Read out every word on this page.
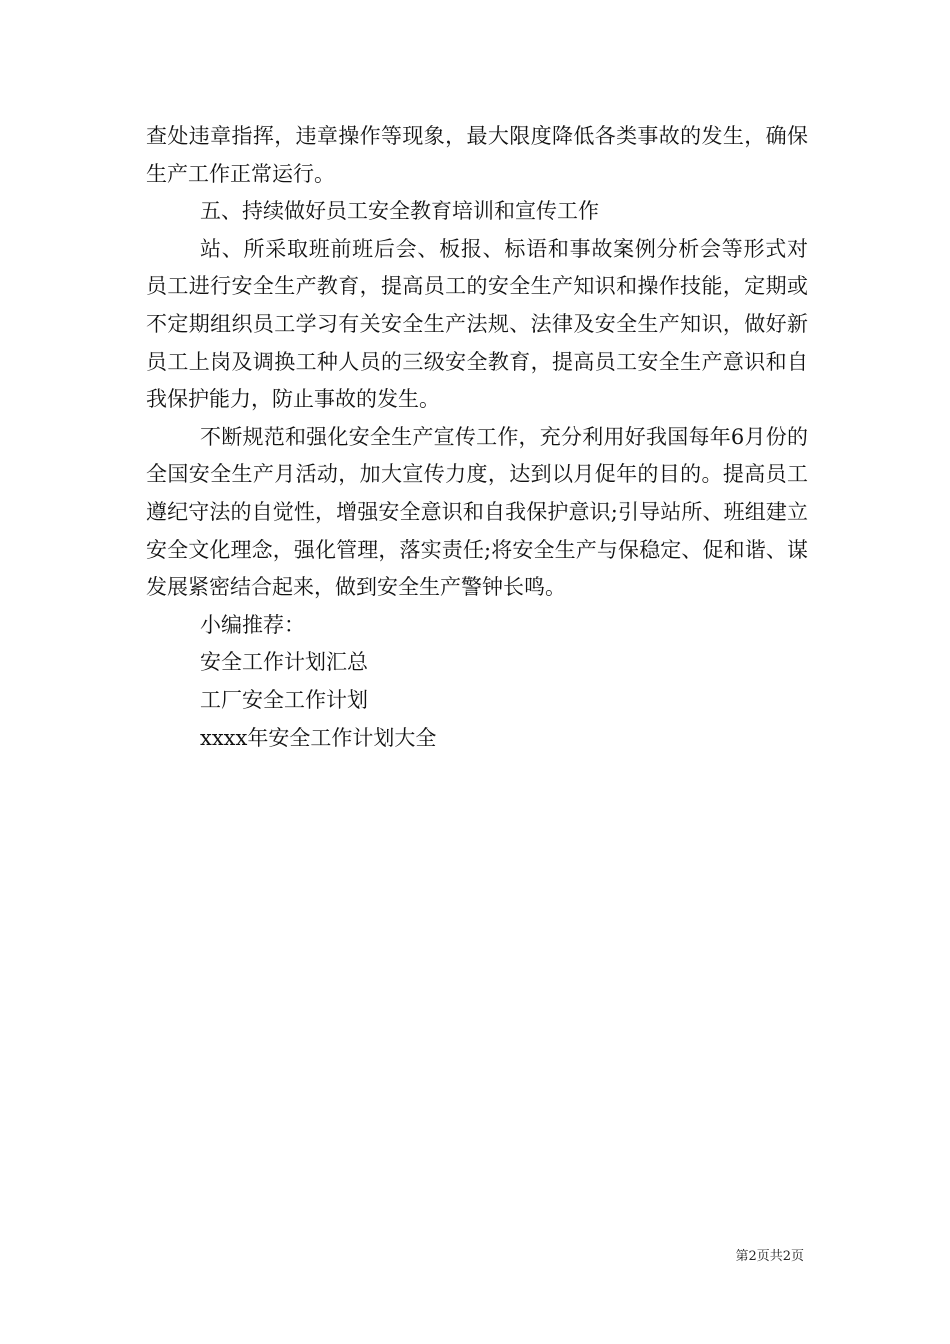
查处违章指挥，违章操作等现象，最大限度降低各类事故的发生，确保生产工作正常运行。

五、持续做好员工安全教育培训和宣传工作

站、所采取班前班后会、板报、标语和事故案例分析会等形式对员工进行安全生产教育，提高员工的安全生产知识和操作技能，定期或不定期组织员工学习有关安全生产法规、法律及安全生产知识，做好新员工上岗及调换工种人员的三级安全教育，提高员工安全生产意识和自我保护能力，防止事故的发生。

不断规范和强化安全生产宣传工作，充分利用好我国每年6月份的全国安全生产月活动，加大宣传力度，达到以月促年的目的。提高员工遵纪守法的自觉性，增强安全意识和自我保护意识;引导站所、班组建立安全文化理念，强化管理，落实责任;将安全生产与保稳定、促和谐、谋发展紧密结合起来，做到安全生产警钟长鸣。

小编推荐：
安全工作计划汇总
工厂安全工作计划
xxxx年安全工作计划大全
第2页共2页
